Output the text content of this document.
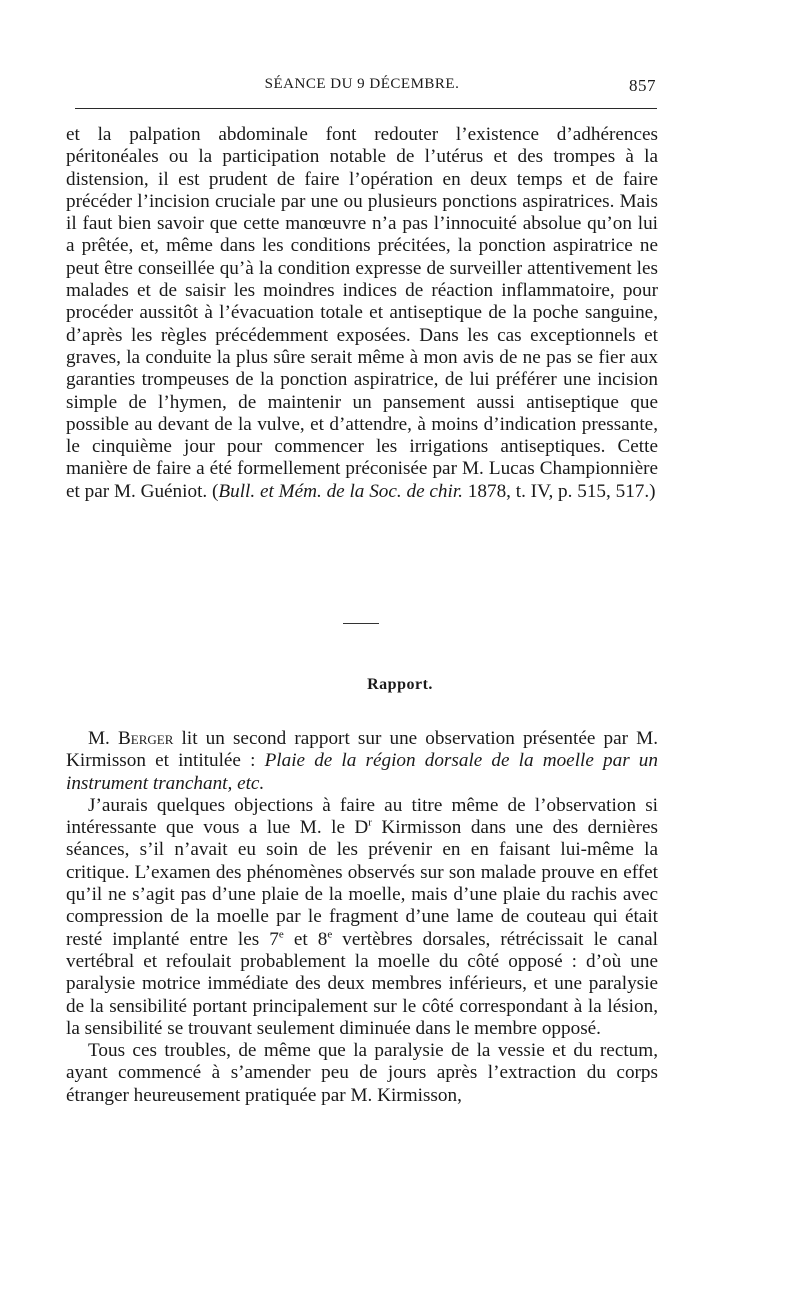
SÉANCE DU 9 DÉCEMBRE.	857

et la palpation abdominale font redouter l’existence d’adhérences péritonéales ou la participation notable de l’utérus et des trompes à la distension, il est prudent de faire l’opération en deux temps et de faire précéder l’incision cruciale par une ou plusieurs ponctions aspiratrices. Mais il faut bien savoir que cette manœuvre n’a pas l’innocuité absolue qu’on lui a prêtée, et, même dans les conditions précitées, la ponction aspiratrice ne peut être conseillée qu’à la condition expresse de surveiller attentivement les malades et de saisir les moindres indices de réaction inflammatoire, pour procéder aussitôt à l’évacuation totale et antiseptique de la poche sanguine, d’après les règles précédemment exposées. Dans les cas exceptionnels et graves, la conduite la plus sûre serait même à mon avis de ne pas se fier aux garanties trompeuses de la ponction aspiratrice, de lui préférer une incision simple de l’hymen, de maintenir un pansement aussi antiseptique que possible au devant de la vulve, et d’attendre, à moins d’indication pressante, le cinquième jour pour commencer les irrigations antiseptiques. Cette manière de faire a été formellement préconisée par M. Lucas Championnière et par M. Guéniot. (Bull. et Mém. de la Soc. de chir. 1878, t. IV, p. 515, 517.)

Rapport.

M. Berger lit un second rapport sur une observation présentée par M. Kirmisson et intitulée : Plaie de la région dorsale de la moelle par un instrument tranchant, etc.

J’aurais quelques objections à faire au titre même de l’observation si intéressante que vous a lue M. le $D^r$ Kirmisson dans une des dernières séances, s’il n’avait eu soin de les prévenir en en faisant lui-même la critique. L’examen des phénomènes observés sur son malade prouve en effet qu’il ne s’agit pas d’une plaie de la moelle, mais d’une plaie du rachis avec compression de la moelle par le fragment d’une lame de couteau qui était resté implanté entre les 7e et 8e vertèbres dorsales, rétrécissait le canal vertébral et refoulait probablement la moelle du côté opposé : d’où une paralysie motrice immédiate des deux membres inférieurs, et une paralysie de la sensibilité portant principalement sur le côté correspondant à la lésion, la sensibilité se trouvant seulement diminuée dans le membre opposé.

Tous ces troubles, de même que la paralysie de la vessie et du rectum, ayant commencé à s’amender peu de jours après l’extraction du corps étranger heureusement pratiquée par M. Kirmisson,
